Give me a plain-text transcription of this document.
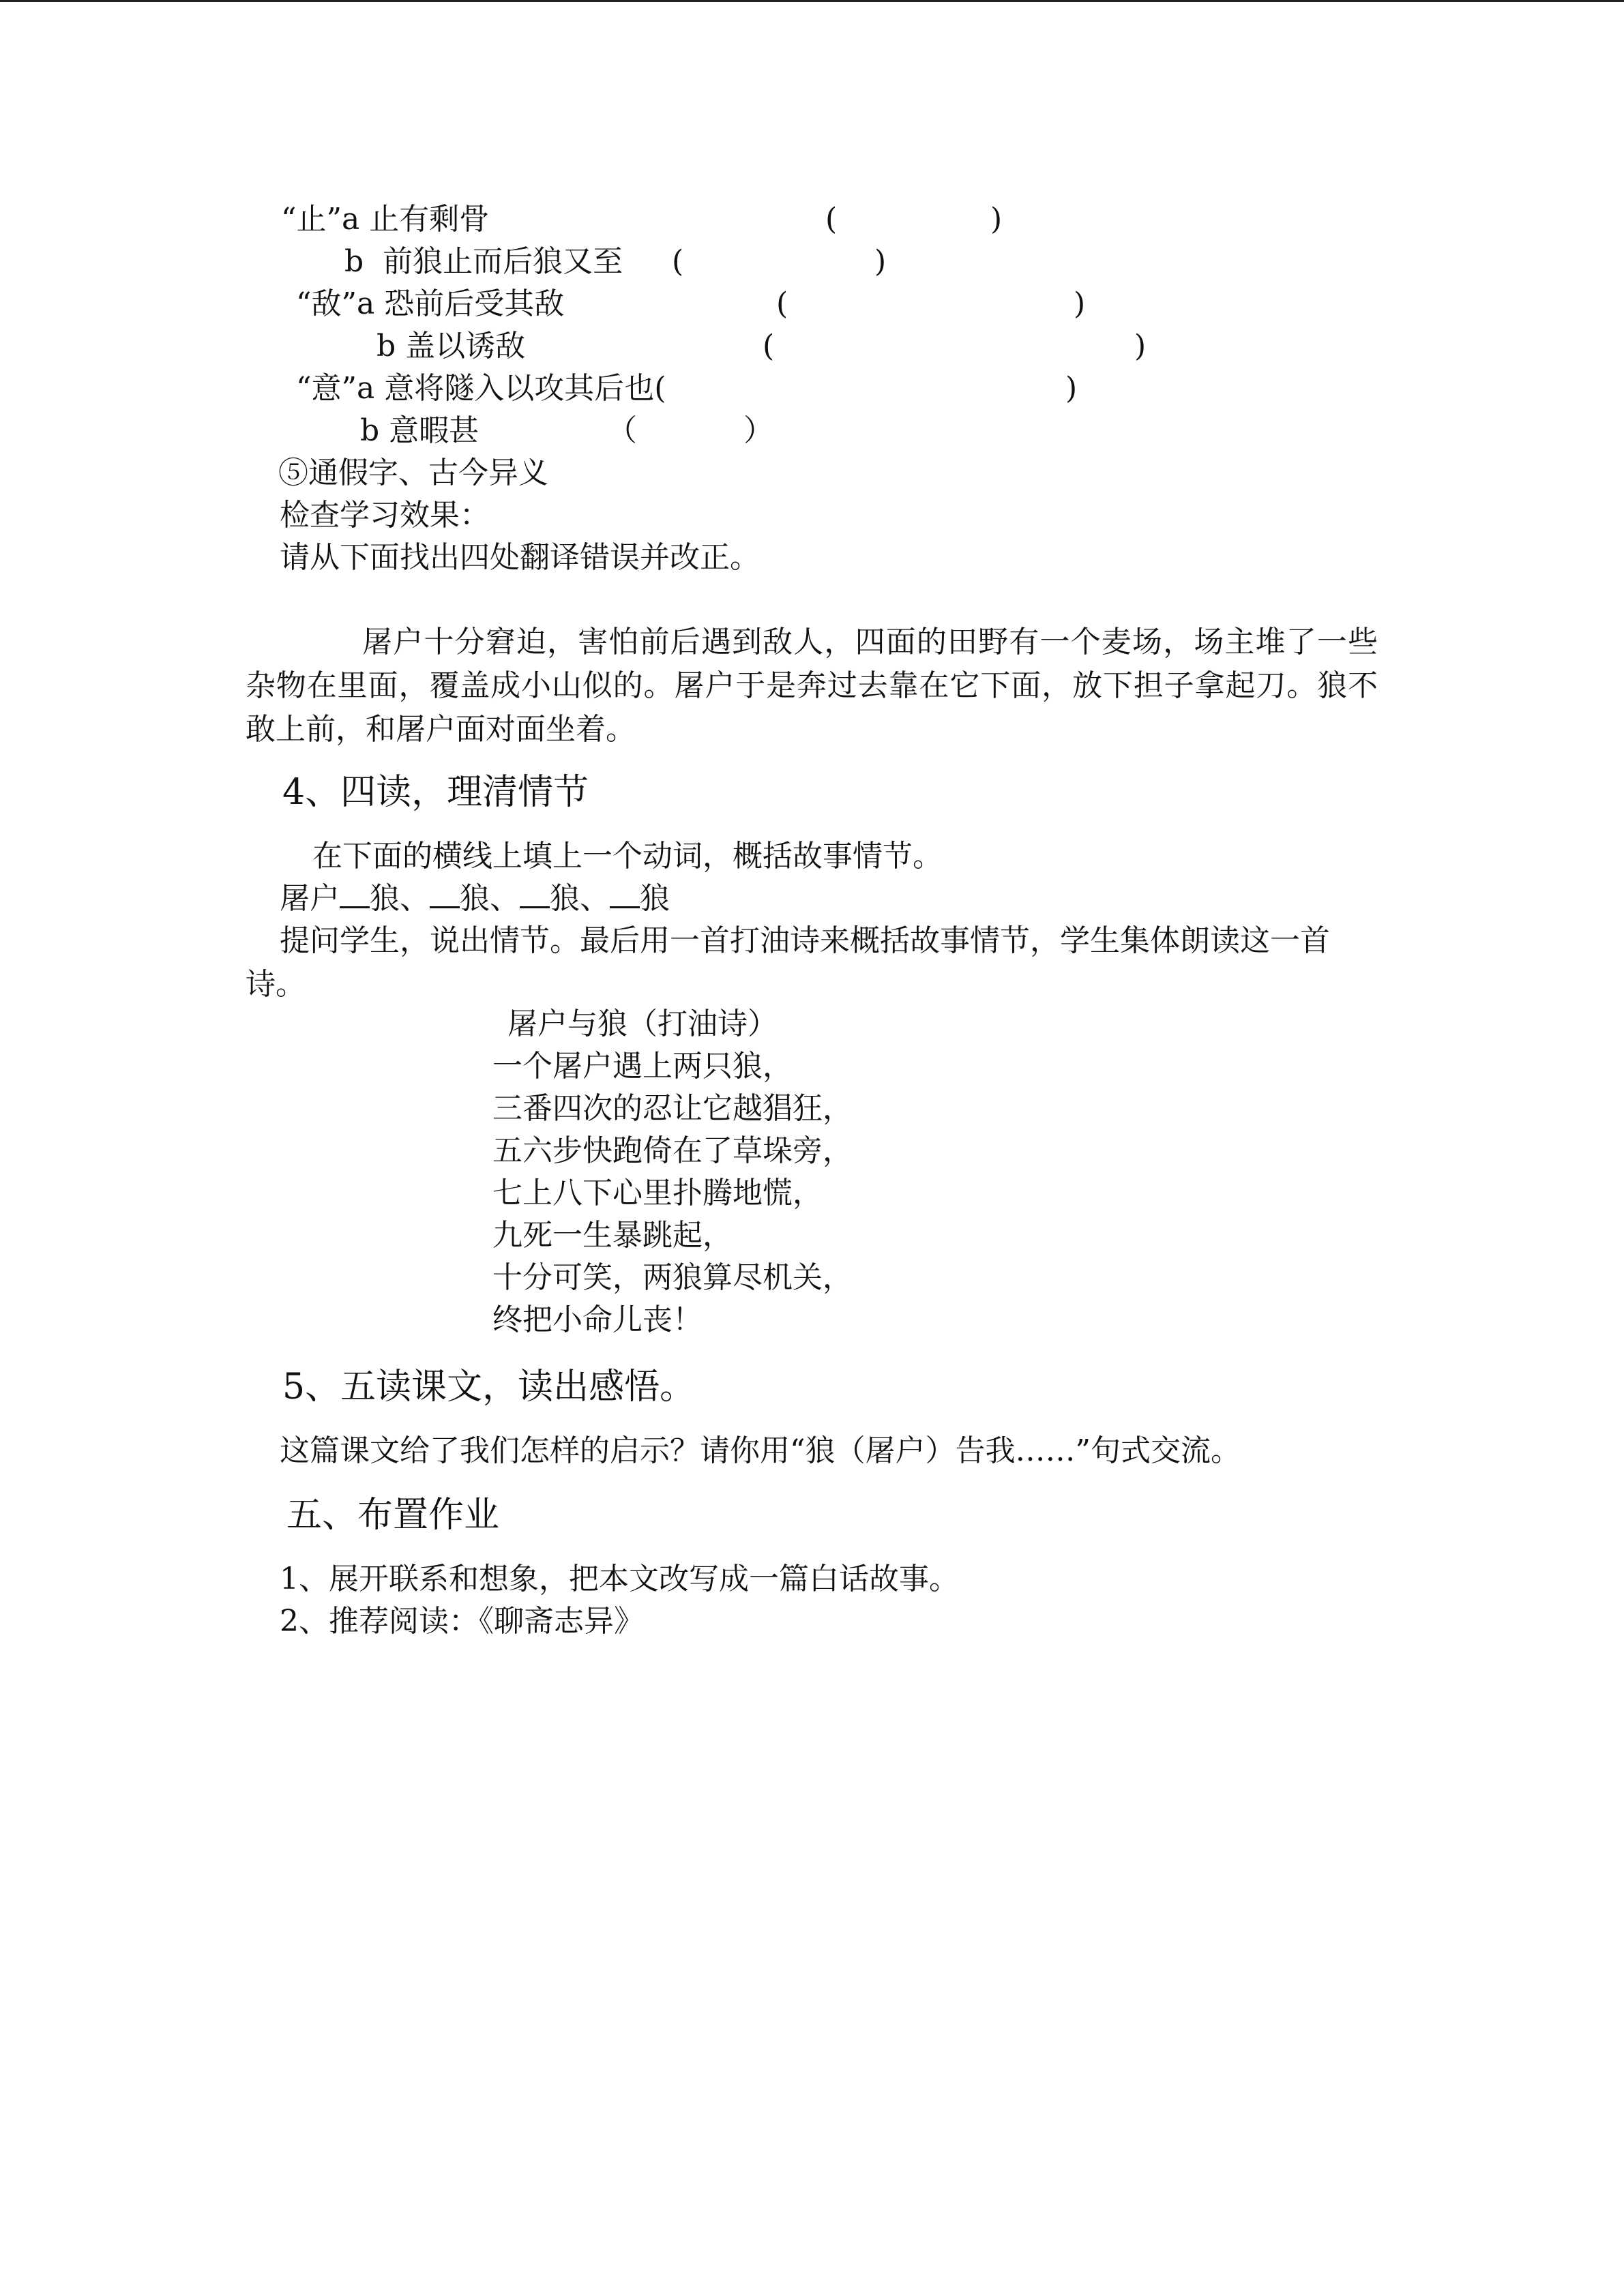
“止”a 止有剩骨	(	)
b  前狼止而后狼又至 (	)
“敌”a 恐前后受其敌	(	)
b 盖以诱敌	(	)
“意”a 意将隧入以攻其后也(	)
b 意暇甚	（	）
⑤通假字、古今异义
检查学习效果：
请从下面找出四处翻译错误并改正。
屠户十分窘迫，害怕前后遇到敌人，四面的田野有一个麦场，场主堆了一些杂物在里面，覆盖成小山似的。屠户于是奔过去靠在它下面，放下担子拿起刀。狼不敢上前，和屠户面对面坐着。
4、四读，理清情节
在下面的横线上填上一个动词，概括故事情节。
屠户 狼、 狼、 狼、 狼
提问学生，说出情节。最后用一首打油诗来概括故事情节，学生集体朗读这一首诗。
屠户与狼（打油诗）
一个屠户遇上两只狼，
三番四次的忍让它越猖狂，
五六步快跑倚在了草垛旁，
七上八下心里扑腾地慌，
九死一生暴跳起，
十分可笑，两狼算尽机关，
终把小命儿丧！
5、五读课文，读出感悟。
这篇课文给了我们怎样的启示？请你用“狼（屠户）告我……”句式交流。
五、布置作业
1、展开联系和想象，把本文改写成一篇白话故事。
2、推荐阅读：《聊斋志异》
